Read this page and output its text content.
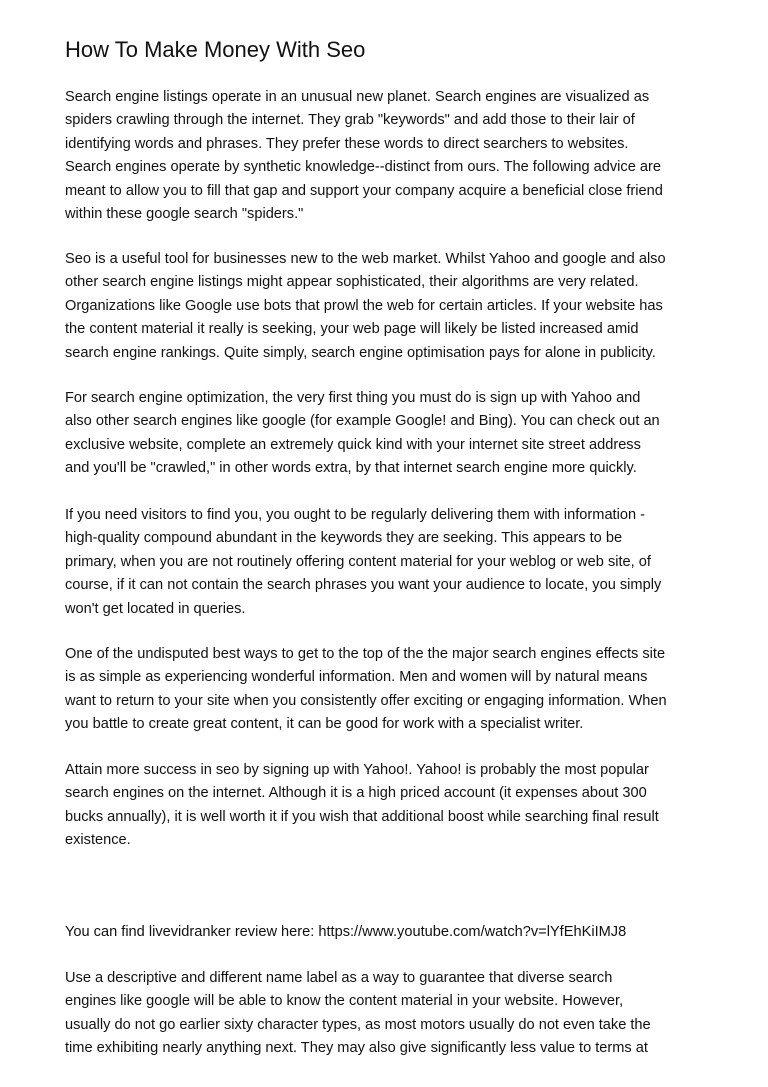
How To Make Money With Seo

Search engine listings operate in an unusual new planet. Search engines are visualized as
spiders crawling through the internet. They grab "keywords" and add those to their lair of
identifying words and phrases. They prefer these words to direct searchers to websites.
Search engines operate by synthetic knowledge--distinct from ours. The following advice are
meant to allow you to fill that gap and support your company acquire a beneficial close friend
within these google search "spiders."

Seo is a useful tool for businesses new to the web market. Whilst Yahoo and google and also
other search engine listings might appear sophisticated, their algorithms are very related.
Organizations like Google use bots that prowl the web for certain articles. If your website has
the content material it really is seeking, your web page will likely be listed increased amid
search engine rankings. Quite simply, search engine optimisation pays for alone in publicity.

For search engine optimization, the very first thing you must do is sign up with Yahoo and
also other search engines like google (for example Google! and Bing). You can check out an
exclusive website, complete an extremely quick kind with your internet site street address
and you'll be "crawled," in other words extra, by that internet search engine more quickly.

If you need visitors to find you, you ought to be regularly delivering them with information -
high-quality compound abundant in the keywords they are seeking. This appears to be
primary, when you are not routinely offering content material for your weblog or web site, of
course, if it can not contain the search phrases you want your audience to locate, you simply
won't get located in queries.

One of the undisputed best ways to get to the top of the the major search engines effects site
is as simple as experiencing wonderful information. Men and women will by natural means
want to return to your site when you consistently offer exciting or engaging information. When
you battle to create great content, it can be good for work with a specialist writer.

Attain more success in seo by signing up with Yahoo!. Yahoo! is probably the most popular
search engines on the internet. Although it is a high priced account (it expenses about 300
bucks annually), it is well worth it if you wish that additional boost while searching final result
existence.

You can find livevidranker review here: https://www.youtube.com/watch?v=lYfEhKiIMJ8

Use a descriptive and different name label as a way to guarantee that diverse search
engines like google will be able to know the content material in your website. However,
usually do not go earlier sixty character types, as most motors usually do not even take the
time exhibiting nearly anything next. They may also give significantly less value to terms at
